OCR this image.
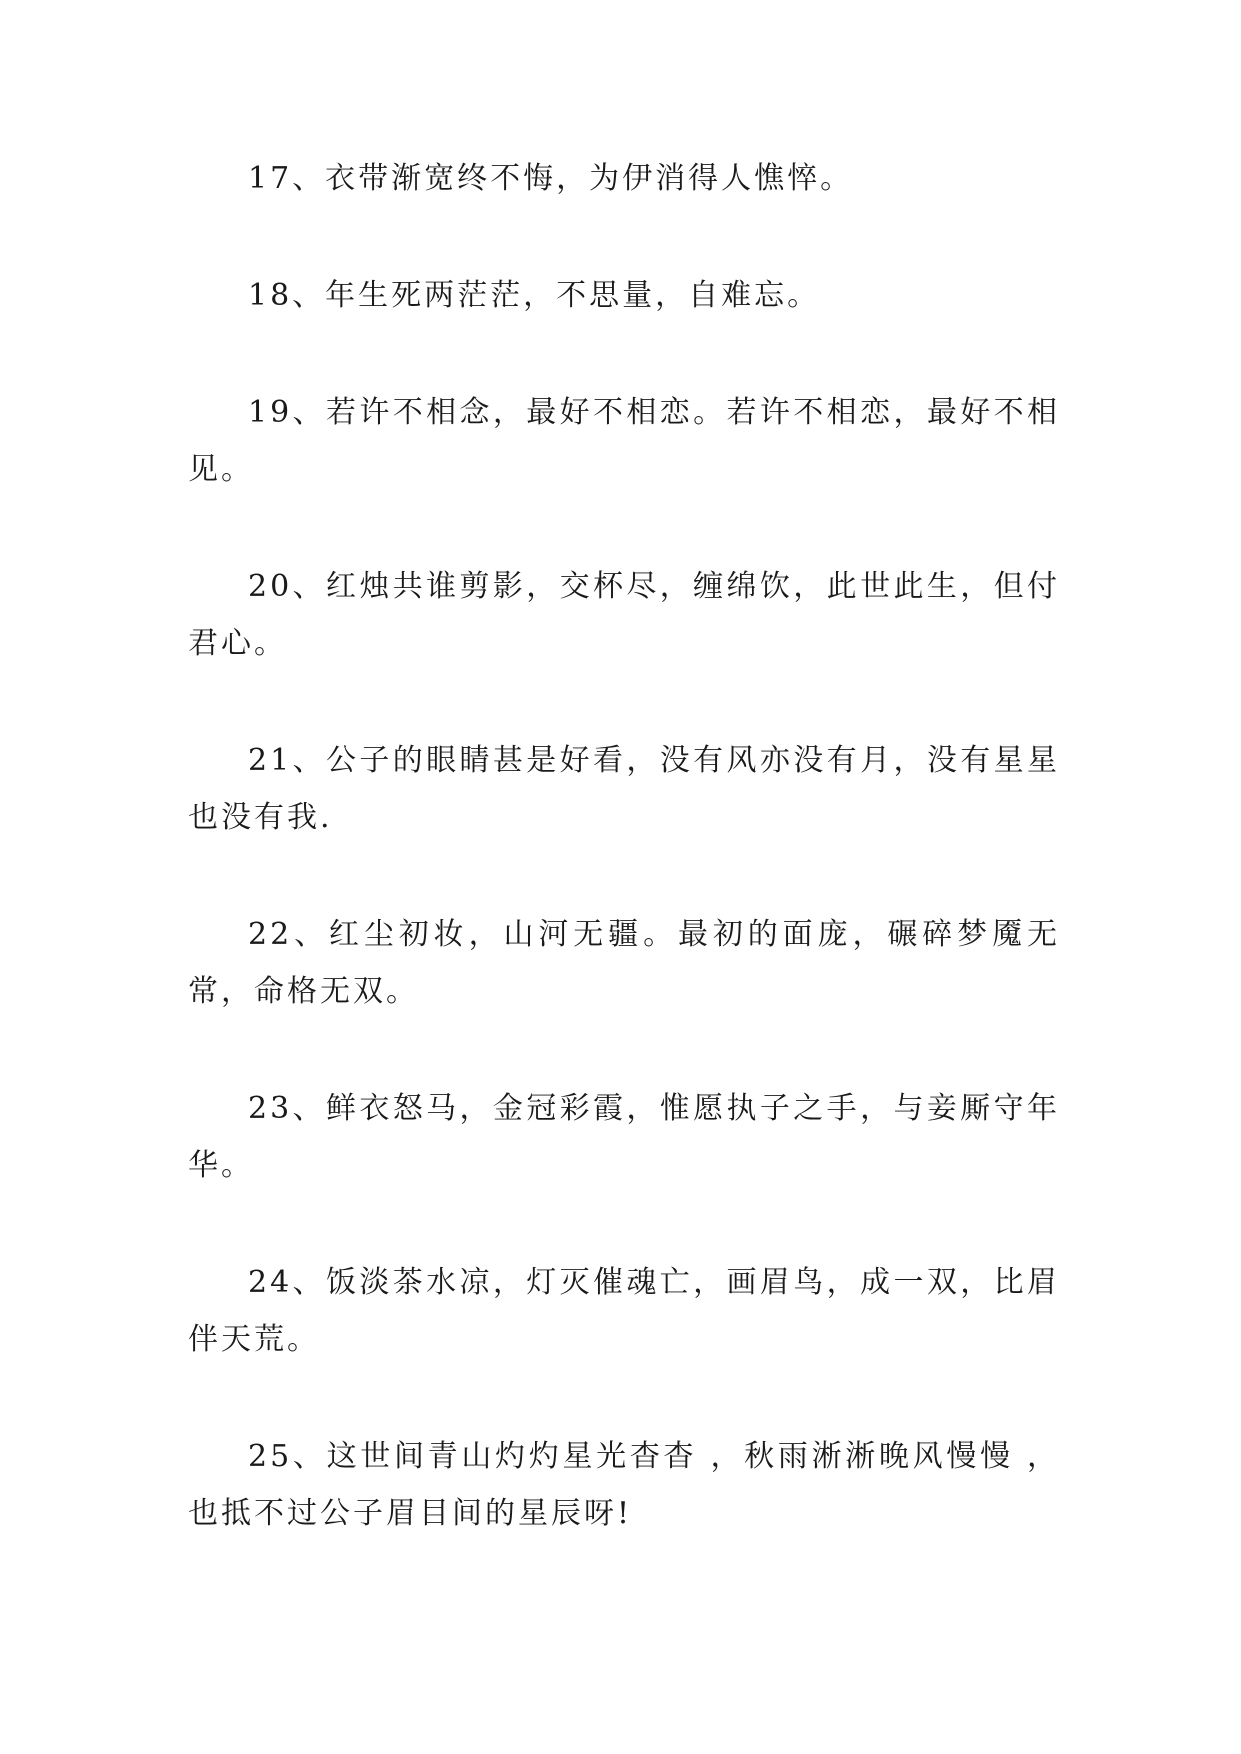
17、衣带渐宽终不悔，为伊消得人憔悴。

18、年生死两茫茫，不思量，自难忘。

19、若许不相念，最好不相恋。若许不相恋，最好不相见。

20、红烛共谁剪影，交杯尽，缠绵饮，此世此生，但付君心。

21、公子的眼睛甚是好看，没有风亦没有月，没有星星也没有我.

22、红尘初妆，山河无疆。最初的面庞，碾碎梦魇无常，命格无双。

23、鲜衣怒马，金冠彩霞，惟愿执子之手，与妾厮守年华。

24、饭淡茶水凉，灯灭催魂亡，画眉鸟，成一双，比眉伴天荒。

25、这世间青山灼灼星光杳杳 ，秋雨淅淅晚风慢慢 ，也抵不过公子眉目间的星辰呀!
